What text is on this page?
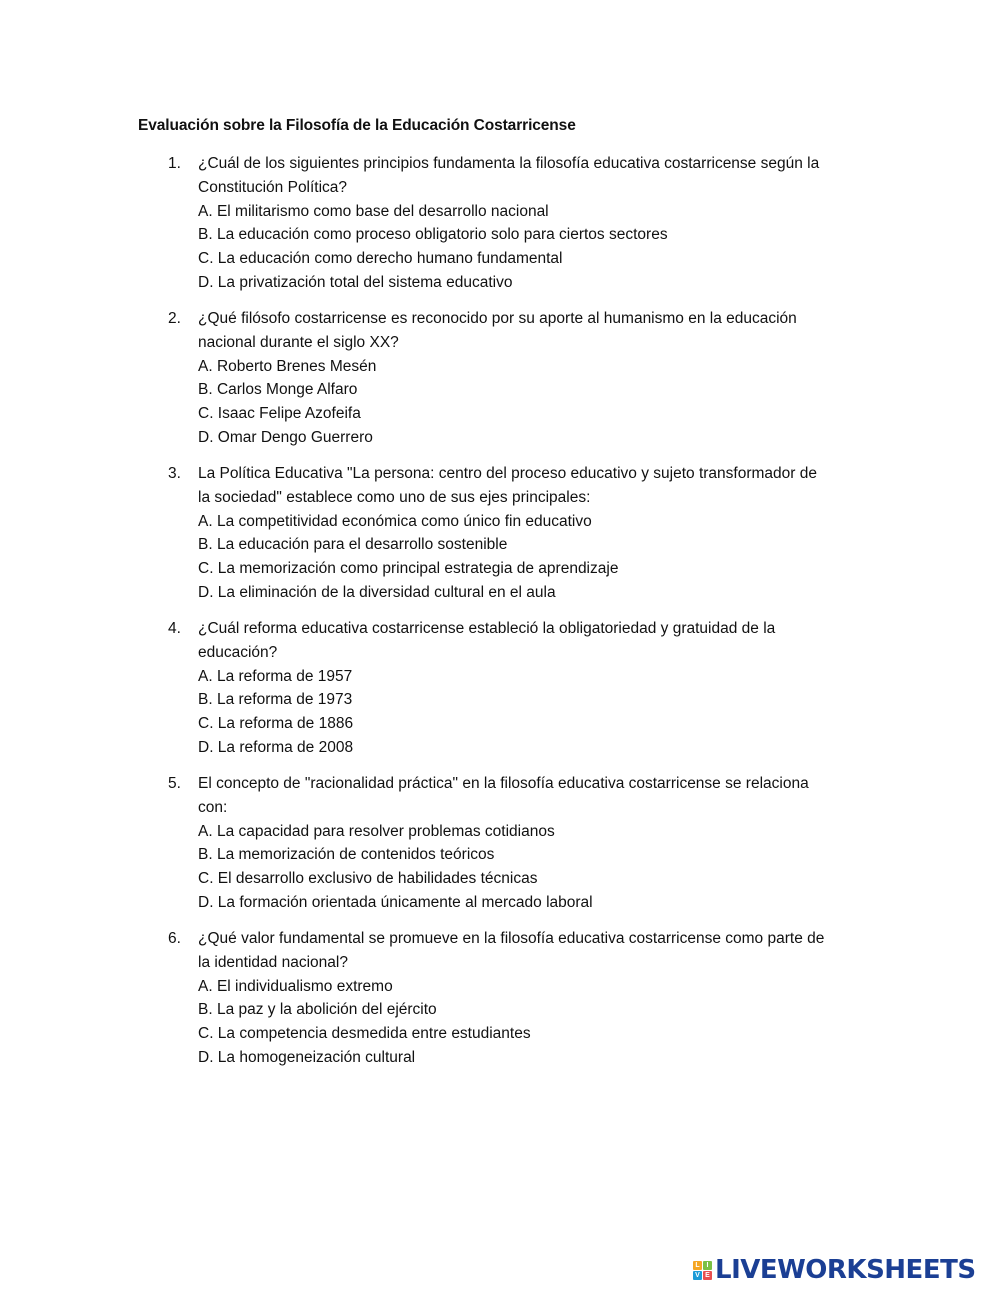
Evaluación sobre la Filosofía de la Educación Costarricense
1. ¿Cuál de los siguientes principios fundamenta la filosofía educativa costarricense según la
Constitución Política?
A. El militarismo como base del desarrollo nacional
B. La educación como proceso obligatorio solo para ciertos sectores
C. La educación como derecho humano fundamental
D. La privatización total del sistema educativo
2. ¿Qué filósofo costarricense es reconocido por su aporte al humanismo en la educación
nacional durante el siglo XX?
A. Roberto Brenes Mesén
B. Carlos Monge Alfaro
C. Isaac Felipe Azofeifa
D. Omar Dengo Guerrero
3. La Política Educativa "La persona: centro del proceso educativo y sujeto transformador de
la sociedad" establece como uno de sus ejes principales:
A. La competitividad económica como único fin educativo
B. La educación para el desarrollo sostenible
C. La memorización como principal estrategia de aprendizaje
D. La eliminación de la diversidad cultural en el aula
4. ¿Cuál reforma educativa costarricense estableció la obligatoriedad y gratuidad de la
educación?
A. La reforma de 1957
B. La reforma de 1973
C. La reforma de 1886
D. La reforma de 2008
5. El concepto de "racionalidad práctica" en la filosofía educativa costarricense se relaciona
con:
A. La capacidad para resolver problemas cotidianos
B. La memorización de contenidos teóricos
C. El desarrollo exclusivo de habilidades técnicas
D. La formación orientada únicamente al mercado laboral
6. ¿Qué valor fundamental se promueve en la filosofía educativa costarricense como parte de
la identidad nacional?
A. El individualismo extremo
B. La paz y la abolición del ejército
C. La competencia desmedida entre estudiantes
D. La homogeneización cultural
L I
V E LIVEWORKSHEETS
